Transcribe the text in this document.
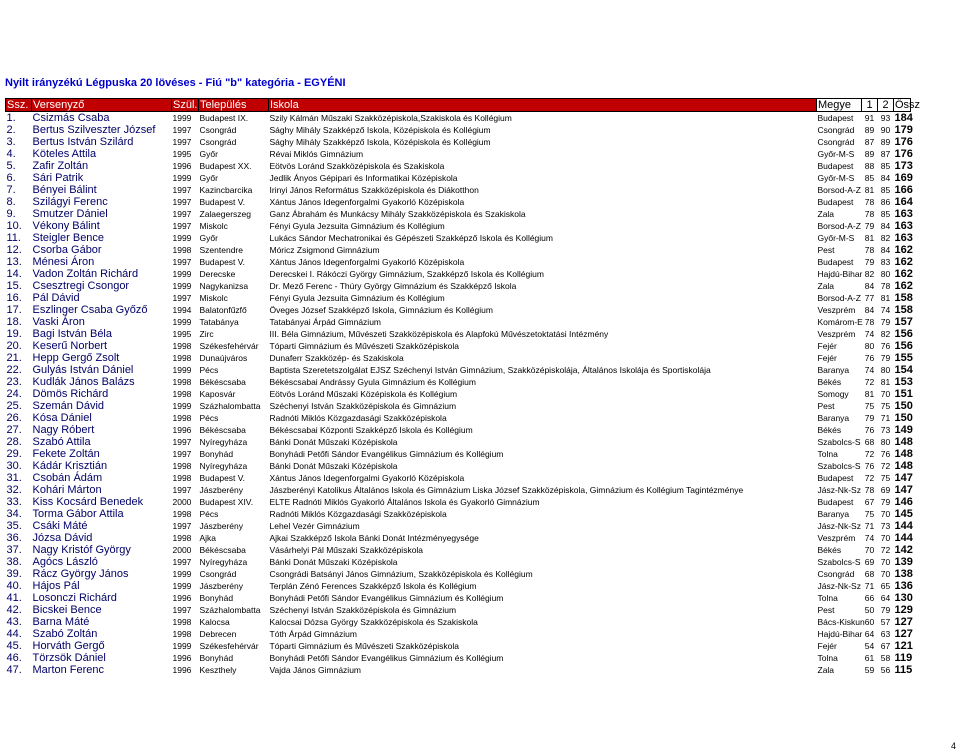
2014/2015. TANÉVI
SPORTLÖVŐ DIÁKOLIMPIA®
ORSZÁGOS DÖNTŐ
Ács, 2014. november 08.
Nyilt irányzékú Légpuska 20 lövéses - Fiú "b" kategória - EGYÉNI
Ssz.	Versenyző	Szül.	Település	Iskola	Megye	1	2	Össz
1.	Csizmás Csaba	1999	Budapest IX.	Szily Kálmán Műszaki Szakközépiskola,Szakiskola és Kollégium	Budapest	91	93	184
2.	Bertus Szilveszter József	1997	Csongrád	Sághy Mihály Szakképző Iskola, Középiskola és Kollégium	Csongrád	89	90	179
3.	Bertus István Szilárd	1997	Csongrád	Sághy Mihály Szakképző Iskola, Középiskola és Kollégium	Csongrád	87	89	176
4.	Köteles Attila	1995	Győr	Révai Miklós Gimnázium	Győr-M-S	89	87	176
5.	Zafir Zoltán	1996	Budapest XX.	Eötvös Loránd Szakközépiskola és Szakiskola	Budapest	88	85	173
6.	Sári Patrik	1999	Győr	Jedlik Ányos Gépipari és Informatikai Középiskola	Győr-M-S	85	84	169
7.	Bényei Bálint	1997	Kazincbarcika	Irinyi János Református Szakközépiskola és Diákotthon	Borsod-A-Z	81	85	166
8.	Szilágyi Ferenc	1997	Budapest V.	Xántus János Idegenforgalmi Gyakorló Középiskola	Budapest	78	86	164
9.	Smutzer Dániel	1997	Zalaegerszeg	Ganz Ábrahám és Munkácsy Mihály Szakközépiskola és Szakiskola	Zala	78	85	163
10.	Vékony Bálint	1997	Miskolc	Fényi Gyula Jezsuita Gimnázium és Kollégium	Borsod-A-Z	79	84	163
11.	Steigler Bence	1999	Győr	Lukács Sándor Mechatronikai és Gépészeti Szakképző Iskola és Kollégium	Győr-M-S	81	82	163
12.	Csorba Gábor	1998	Szentendre	Móricz Zsigmond Gimnázium	Pest	78	84	162
13.	Ménesi Áron	1997	Budapest V.	Xántus János Idegenforgalmi Gyakorló Középiskola	Budapest	79	83	162
14.	Vadon Zoltán Richárd	1999	Derecske	Derecskei I. Rákóczi György Gimnázium, Szakképző Iskola és Kollégium	Hajdú-Bihar	82	80	162
15.	Csesztregi Csongor	1999	Nagykanizsa	Dr. Mező Ferenc - Thúry György Gimnázium és Szakképző Iskola	Zala	84	78	162
16.	Pál Dávid	1997	Miskolc	Fényi Gyula Jezsuita Gimnázium és Kollégium	Borsod-A-Z	77	81	158
17.	Eszlinger Csaba Győző	1994	Balatonfűzfő	Öveges József Szakképző Iskola, Gimnázium és Kollégium	Veszprém	84	74	158
18.	Vaski Áron	1999	Tatabánya	Tatabányai Árpád Gimnázium	Komárom-E	78	79	157
19.	Bagi István Béla	1995	Zirc	III. Béla Gimnázium, Művészeti Szakközépiskola és Alapfokú Művészetoktatási Intézmény	Veszprém	74	82	156
20.	Keserű Norbert	1998	Székesfehérvár	Tóparti Gimnázium és Művészeti Szakközépiskola	Fejér	80	76	156
21.	Hepp Gergő Zsolt	1998	Dunaújváros	Dunaferr Szakközép- és Szakiskola	Fejér	76	79	155
22.	Gulyás István Dániel	1999	Pécs	Baptista Szeretetszolgálat EJSZ Széchenyi István Gimnázium, Szakközépiskolája, Általános Iskolája és Sportiskolája	Baranya	74	80	154
23.	Kudlák János Balázs	1998	Békéscsaba	Békéscsabai Andrássy Gyula Gimnázium és Kollégium	Békés	72	81	153
24.	Dömös Richárd	1998	Kaposvár	Eötvös Loránd Műszaki Középiskola és Kollégium	Somogy	81	70	151
25.	Szemán Dávid	1999	Százhalombatta	Széchenyi István Szakközépiskola és Gimnázium	Pest	75	75	150
26.	Kósa Dániel	1998	Pécs	Radnóti Miklós Közgazdasági Szakközépiskola	Baranya	79	71	150
27.	Nagy Róbert	1996	Békéscsaba	Békéscsabai Központi Szakképző Iskola és Kollégium	Békés	76	73	149
28.	Szabó Attila	1997	Nyíregyháza	Bánki Donát Műszaki Középiskola	Szabolcs-S	68	80	148
29.	Fekete Zoltán	1997	Bonyhád	Bonyhádi Petőfi Sándor Evangélikus Gimnázium és Kollégium	Tolna	72	76	148
30.	Kádár Krisztián	1998	Nyíregyháza	Bánki Donát Műszaki Középiskola	Szabolcs-S	76	72	148
31.	Csobán Ádám	1998	Budapest V.	Xántus János Idegenforgalmi Gyakorló Középiskola	Budapest	72	75	147
32.	Kohári Márton	1997	Jászberény	Jászberényi Katolikus Általános Iskola és Gimnázium Liska József Szakközépiskola, Gimnázium és Kollégium Tagintézménye	Jász-Nk-Sz	78	69	147
33.	Kiss Kocsárd Benedek	2000	Budapest XIV.	ELTE Radnóti Miklós Gyakorló Általános Iskola és Gyakorló Gimnázium	Budapest	67	79	146
34.	Torma Gábor Attila	1998	Pécs	Radnóti Miklós Közgazdasági Szakközépiskola	Baranya	75	70	145
35.	Csáki Máté	1997	Jászberény	Lehel Vezér Gimnázium	Jász-Nk-Sz	71	73	144
36.	Józsa Dávid	1998	Ajka	Ajkai Szakképző Iskola Bánki Donát Intézményegysége	Veszprém	74	70	144
37.	Nagy Kristóf György	2000	Békéscsaba	Vásárhelyi Pál Műszaki Szakközépiskola	Békés	70	72	142
38.	Agócs László	1997	Nyíregyháza	Bánki Donát Műszaki Középiskola	Szabolcs-S	69	70	139
39.	Rácz György János	1999	Csongrád	Csongrádi Batsányi János Gimnázium, Szakközépiskola és Kollégium	Csongrád	68	70	138
40.	Hájos Pál	1999	Jászberény	Terplán Zénó Ferences Szakképző Iskola és Kollégium	Jász-Nk-Sz	71	65	136
41.	Losonczi Richárd	1996	Bonyhád	Bonyhádi Petőfi Sándor Evangélikus Gimnázium és Kollégium	Tolna	66	64	130
42.	Bicskei Bence	1997	Százhalombatta	Széchenyi István Szakközépiskola és Gimnázium	Pest	50	79	129
43.	Barna Máté	1998	Kalocsa	Kalocsai Dózsa György Szakközépiskola és Szakiskola	Bács-Kiskun	60	57	127
44.	Szabó Zoltán	1998	Debrecen	Tóth Árpád Gimnázium	Hajdú-Bihar	64	63	127
45.	Horváth Gergő	1999	Székesfehérvár	Tóparti Gimnázium és Művészeti Szakközépiskola	Fejér	54	67	121
46.	Törzsök Dániel	1996	Bonyhád	Bonyhádi Petőfi Sándor Evangélikus Gimnázium és Kollégium	Tolna	61	58	119
47.	Marton Ferenc	1996	Keszthely	Vajda János Gimnázium	Zala	59	56	115
4
